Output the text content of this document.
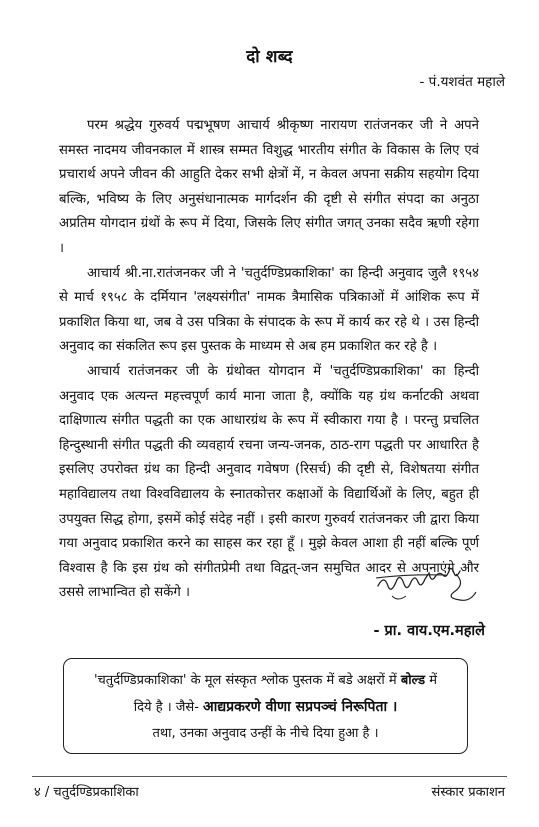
दो शब्द
- पं.यशवंत महाले

परम श्रद्धेय गुरुवर्य पद्मभूषण आचार्य श्रीकृष्ण नारायण रातंजनकर जी ने अपने समस्त नादमय जीवनकाल में शास्त्र सम्मत विशुद्ध भारतीय संगीत के विकास के लिए एवं प्रचारार्थ अपने जीवन की आहुति देकर सभी क्षेत्रों में, न केवल अपना सक्रीय सहयोग दिया बल्कि, भविष्य के लिए अनुसंधानात्मक मार्गदर्शन की दृष्टी से संगीत संपदा का अनुठा अप्रतिम योगदान ग्रंथों के रूप में दिया, जिसके लिए संगीत जगत् उनका सदैव ऋणी रहेगा ।

आचार्य श्री.ना.रातंजनकर जी ने 'चतुर्दण्डिप्रकाशिका' का हिन्दी अनुवाद जुलै १९५४ से मार्च १९५८ के दर्मियान 'लक्ष्यसंगीत' नामक त्रैमासिक पत्रिकाओं में आंशिक रूप में प्रकाशित किया था, जब वे उस पत्रिका के संपादक के रूप में कार्य कर रहे थे । उस हिन्दी अनुवाद का संकलित रूप इस पुस्तक के माध्यम से अब हम प्रकाशित कर रहे है ।

आचार्य रातंजनकर जी के ग्रंथोक्त योगदान में 'चतुर्दण्डिप्रकाशिका' का हिन्दी अनुवाद एक अत्यन्त महत्त्वपूर्ण कार्य माना जाता है, क्योंकि यह ग्रंथ कर्नाटकी अथवा दाक्षिणात्य संगीत पद्धती का एक आधारग्रंथ के रूप में स्वीकारा गया है । परन्तु प्रचलित हिन्दुस्थानी संगीत पद्धती की व्यवहार्य रचना जन्य-जनक, ठाठ-राग पद्धती पर आधारित है इसलिए उपरोक्त ग्रंथ का हिन्दी अनुवाद गवेषण (रिसर्च) की दृष्टी से, विशेषतया संगीत महाविद्यालय तथा विश्वविद्यालय के स्नातकोत्तर कक्षाओं के विद्यार्थिओं के लिए, बहुत ही उपयुक्त सिद्ध होगा, इसमें कोई संदेह नहीं । इसी कारण गुरुवर्य रातंजनकर जी द्वारा किया गया अनुवाद प्रकाशित करने का साहस कर रहा हूँ । मुझे केवल आशा ही नहीं बल्कि पूर्ण विश्वास है कि इस ग्रंथ को संगीतप्रेमी तथा विद्वत्-जन समुचित आदर से अपनाएंगे और उससे लाभान्वित हो सकेंगे ।

- प्रा. वाय.एम.महाले
'चतुर्दण्डिप्रकाशिका' के मूल संस्कृत श्लोक पुस्तक में बडे अक्षरों में बोल्ड में
दिये है । जैसे- आद्यप्रकरणे वीणा सप्रपञ्चं निरूपिता ।
तथा, उनका अनुवाद उन्हीं के नीचे दिया हुआ है ।
४ / चतुर्दण्डिप्रकाशिका	संस्कार प्रकाशन
